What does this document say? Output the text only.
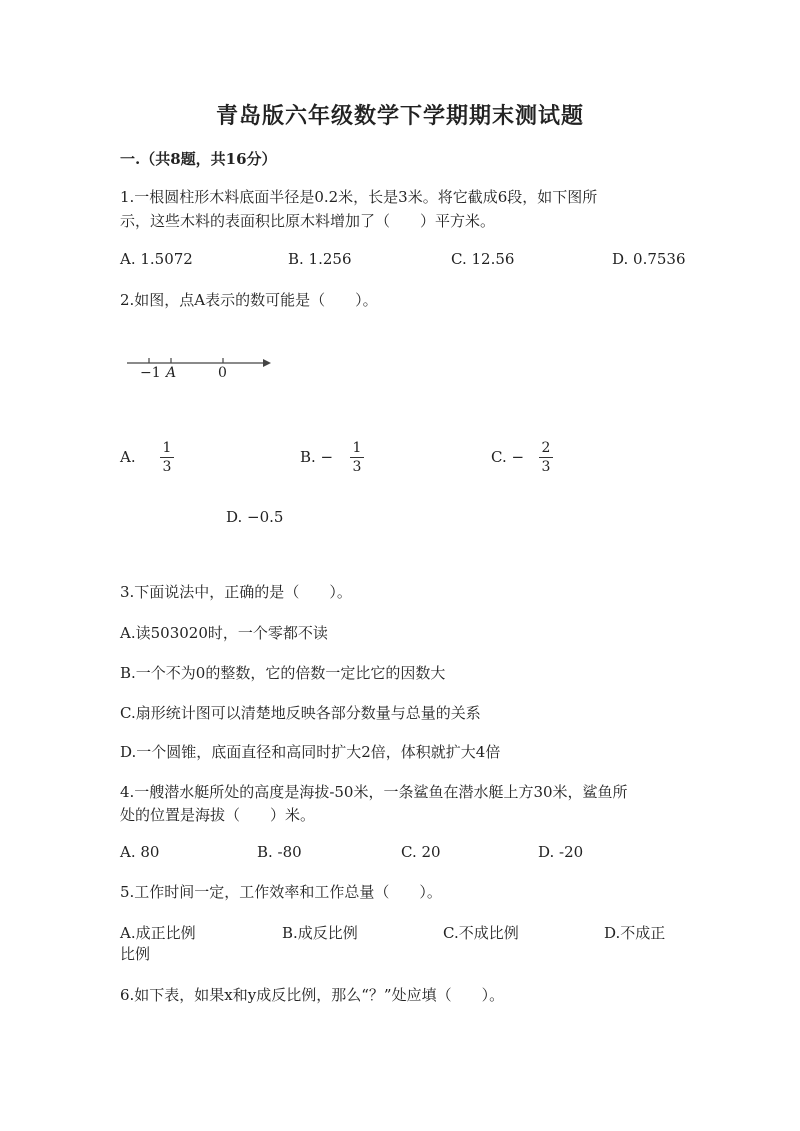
青岛版六年级数学下学期期末测试题
一.（共8题，共16分）
1.一根圆柱形木料底面半径是0.2米，长是3米。将它截成6段，如下图所
示，这些木料的表面积比原木料增加了（　　）平方米。
A. 1.5072	B. 1.256	C. 12.56	D. 0.7536
2.如图，点A表示的数可能是（　　）。
−1 A	0
A. 1
3
B. − 1
3
C. − 2
3
D. −0.5
3.下面说法中，正确的是（　　）。
A.读503020时，一个零都不读
B.一个不为0的整数，它的倍数一定比它的因数大
C.扇形统计图可以清楚地反映各部分数量与总量的关系
D.一个圆锥，底面直径和高同时扩大2倍，体积就扩大4倍
4.一艘潜水艇所处的高度是海拔-50米，一条鲨鱼在潜水艇上方30米，鲨鱼所
处的位置是海拔（　　）米。
A. 80	B. -80	C. 20	D. -20
5.工作时间一定，工作效率和工作总量（　　）。
A.成正比例	B.成反比例	C.不成比例	D.不成正
比例
6.如下表，如果x和y成反比例，那么“？”处应填（　　）。
